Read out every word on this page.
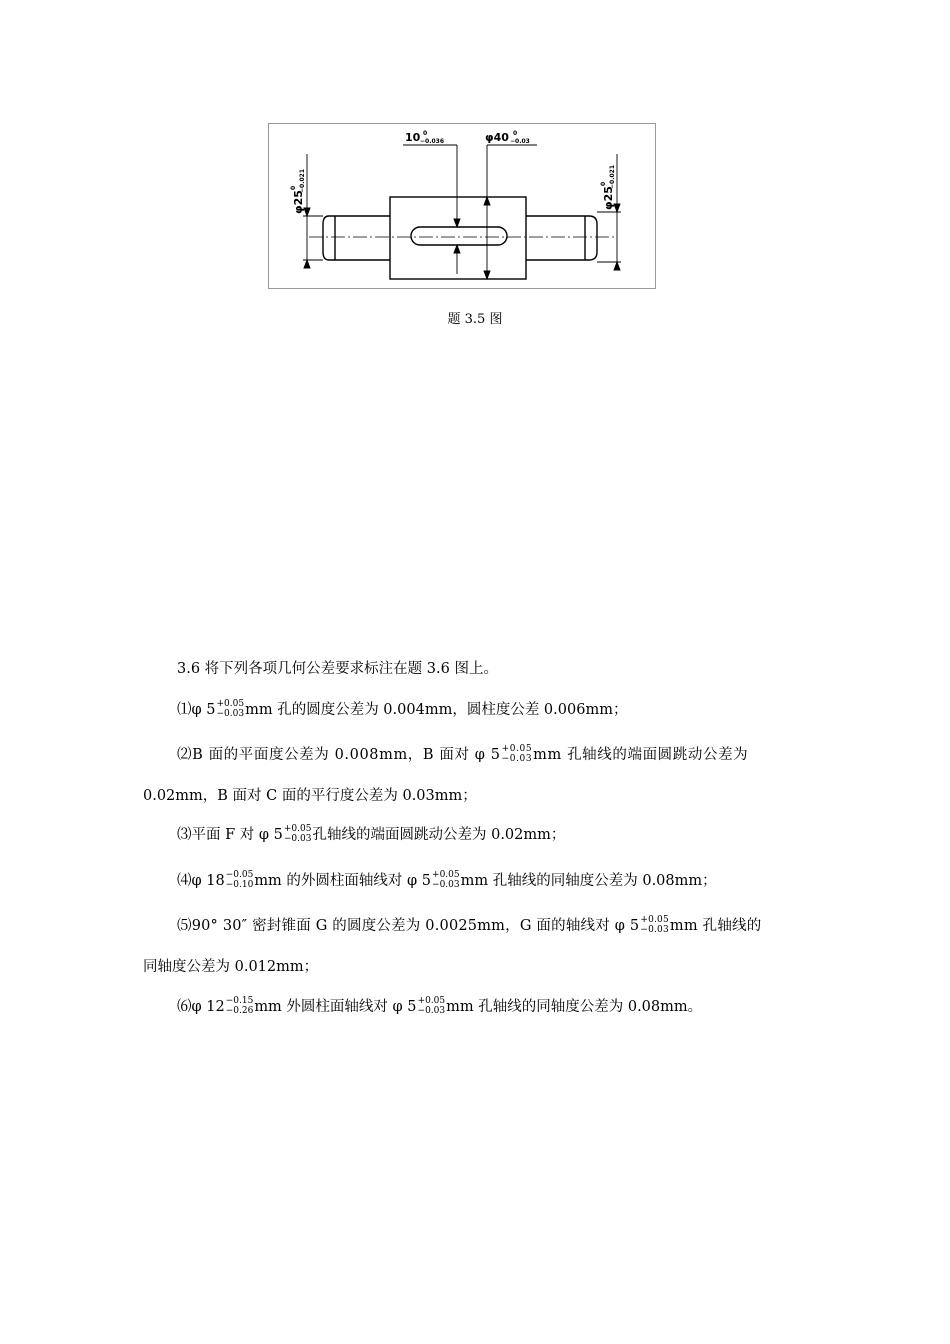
10 0
−0.036	φ40 0
−0.03
φ25
0 −0.021
φ25
0 −0.021
题 3.5 图
3.6 将下列各项几何公差要求标注在题 3.6 图上。
⑴φ 5 +0.05
−0.03 mm 孔的圆度公差为 0.004mm，圆柱度公差 0.006mm；
⑵B 面的平面度公差为 0.008mm，B 面对 φ 5 +0.05
−0.03 mm 孔轴线的端面圆跳动公差为
0.02mm，B 面对 C 面的平行度公差为 0.03mm；
⑶平面 F 对 φ 5 +0.05
−0.03 孔轴线的端面圆跳动公差为 0.02mm；
⑷φ 18 −0.05
−0.10 mm 的外圆柱面轴线对 φ 5 +0.05
−0.03 mm 孔轴线的同轴度公差为 0.08mm；
⑸90° 30″ 密封锥面 G 的圆度公差为 0.0025mm，G 面的轴线对 φ 5 +0.05
−0.03 mm 孔轴线的
同轴度公差为 0.012mm；
⑹φ 12 −0.15
−0.26 mm 外圆柱面轴线对 φ 5 +0.05
−0.03 mm 孔轴线的同轴度公差为 0.08mm。
